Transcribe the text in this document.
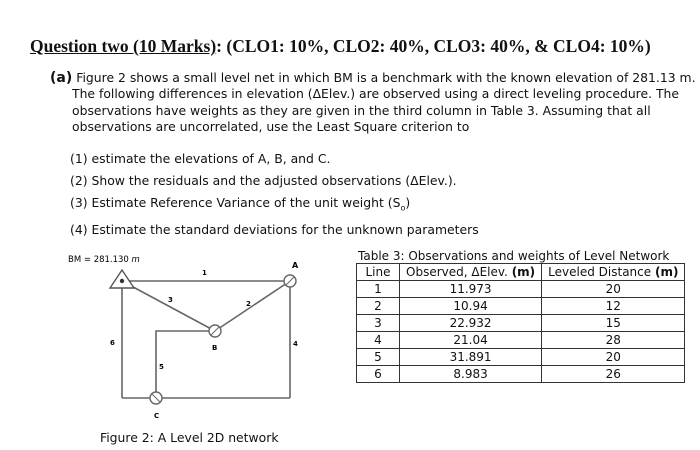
Question two (10 Marks): (CLO1: 10%, CLO2: 40%, CLO3: 40%, & CLO4: 10%)
(a) Figure 2 shows a small level net in which BM is a benchmark with the known elevation of 281.13 m.
The following differences in elevation (ΔElev.) are observed using a direct leveling procedure. The
observations have weights as they are given in the third column in Table 3. Assuming that all
observations are uncorrelated, use the Least Square criterion to
(1) estimate the elevations of A, B, and C.
(2) Show the residuals and the adjusted observations (ΔElev.).
(3) Estimate Reference Variance of the unit weight $(S_o)$
(4) Estimate the standard deviations for the unknown parameters
BM = 281.130 m
A
B
C
1
2
3
4
5
6
Figure 2: A Level 2D network
Table 3: Observations and weights of Level Network
Line	Observed, ΔElev. (m)	Leveled Distance (m)
1	11.973	20
2	10.94	12
3	22.932	15
4	21.04	28
5	31.891	20
6	8.983	26
